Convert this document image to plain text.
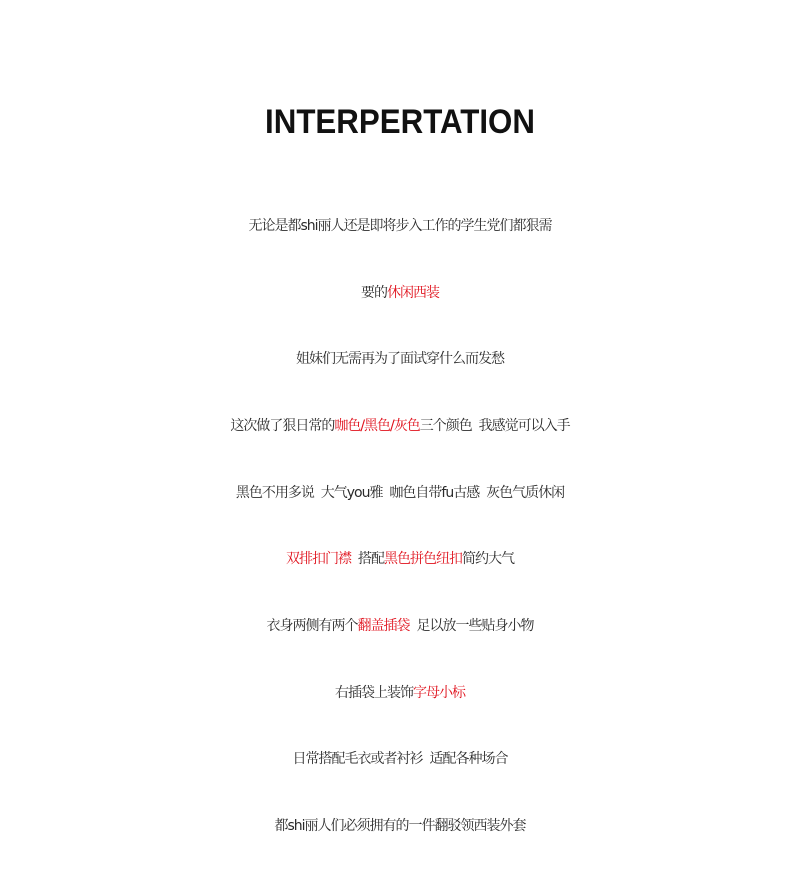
INTERPERTATION
无论是都shi丽人还是即将步入工作的学生党们都狠需
要的休闲西装
姐妹们无需再为了面试穿什么而发愁
这次做了狠日常的咖色/黑色/灰色三个颜色  我感觉可以入手
黑色不用多说  大气you雅  咖色自带fu古感  灰色气质休闲
双排扣门襟  搭配黑色拼色纽扣简约大气
衣身两侧有两个翻盖插袋  足以放一些贴身小物
右插袋上装饰字母小标
日常搭配毛衣或者衬衫  适配各种场合
都shi丽人们必须拥有的一件翻驳领西装外套
